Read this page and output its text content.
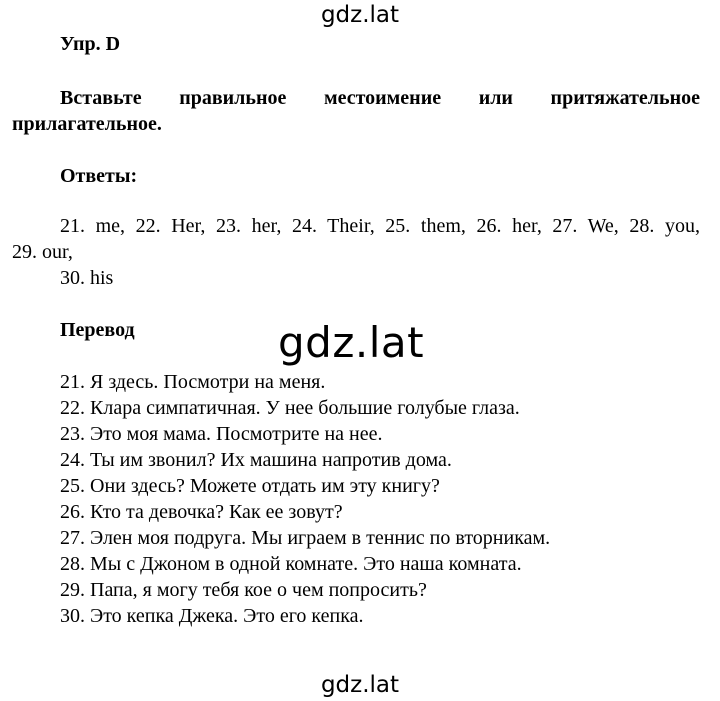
gdz.lat
Упр. D
Вставьте правильное местоимение или притяжательное
прилагательное.
Ответы:
21. me, 22. Her, 23. her, 24. Their, 25. them, 26. her, 27. We, 28. you,
29. our,
30. his
Перевод	gdz.lat
21. Я здесь. Посмотри на меня.
22. Клара симпатичная. У нее большие голубые глаза.
23. Это моя мама. Посмотрите на нее.
24. Ты им звонил? Их машина напротив дома.
25. Они здесь? Можете отдать им эту книгу?
26. Кто та девочка? Как ее зовут?
27. Элен моя подруга. Мы играем в теннис по вторникам.
28. Мы с Джоном в одной комнате. Это наша комната.
29. Папа, я могу тебя кое о чем попросить?
30. Это кепка Джека. Это его кепка.
gdz.lat
